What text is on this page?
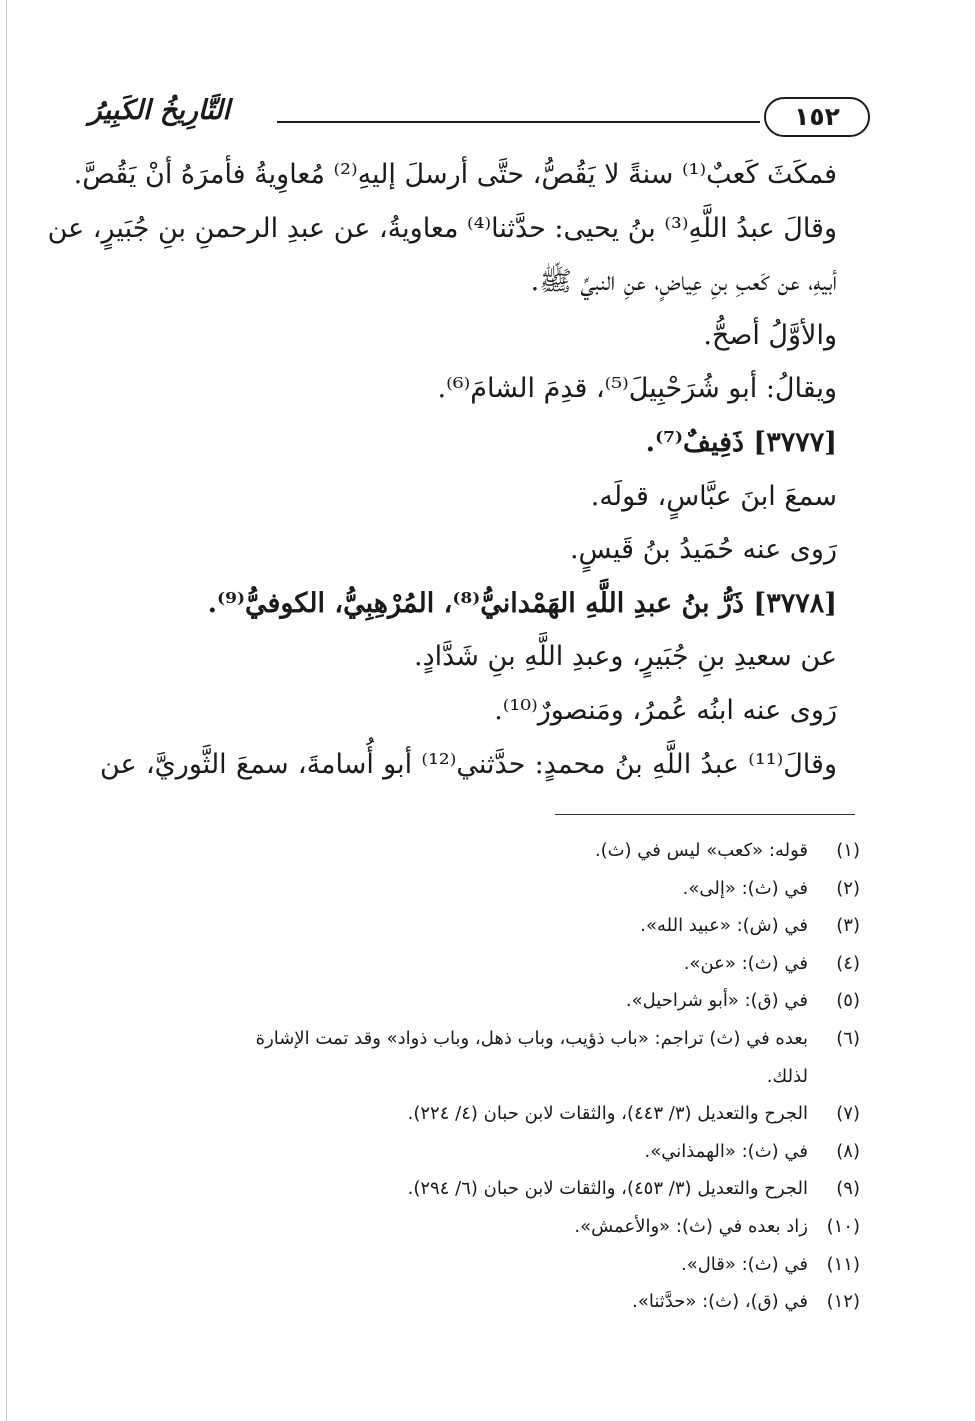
التَّارِيخُ الكَبِيرُ	١٥٢
فمكَثَ كَعبٌ⁽¹⁾ سنةً لا يَقُصُّ، حتَّى أرسلَ إليهِ⁽²⁾ مُعاوِيةُ فأمرَهُ أنْ يَقُصَّ.
وقالَ عبدُ اللَّهِ⁽³⁾ بنُ يحيى: حدَّثنا⁽⁴⁾ معاويةُ، عن عبدِ الرحمنِ بنِ جُبَيرٍ، عن
أبيهِ، عن كَعبِ بنِ عِياضٍ، عنِ النبيِّ ﷺ.
والأوَّلُ أصحُّ.
ويقالُ: أبو شُرَحْبِيلَ⁽⁵⁾، قدِمَ الشامَ⁽⁶⁾.
[٣٧٧٧] ذَفِيفٌ⁽⁷⁾.
سمعَ ابنَ عبَّاسٍ، قولَه.
رَوى عنه حُمَيدُ بنُ قَيسٍ.
[٣٧٧٨] ذَرُّ بنُ عبدِ اللَّهِ الهَمْدانيُّ⁽⁸⁾، المُرْهِبِيُّ، الكوفيُّ⁽⁹⁾.
عن سعيدِ بنِ جُبَيرٍ، وعبدِ اللَّهِ بنِ شَدَّادٍ.
رَوى عنه ابنُه عُمرُ، ومَنصورٌ⁽¹⁰⁾.
وقالَ⁽¹¹⁾ عبدُ اللَّهِ بنُ محمدٍ: حدَّثني⁽¹²⁾ أبو أُسامةَ، سمعَ الثَّوريَّ، عن
(١)قوله: «كعب» ليس في (ث).
(٢)في (ث): «إلى».
(٣)في (ش): «عبيد الله».
(٤)في (ث): «عن».
(٥)في (ق): «أبو شراحيل».
(٦)بعده في (ث) تراجم: «باب ذؤيب، وباب ذهل، وباب ذواد» وقد تمت الإشارة
لذلك.
(٧)الجرح والتعديل (٣/ ٤٤٣)، والثقات لابن حبان (٤/ ٢٢٤).
(٨)في (ث): «الهمذاني».
(٩)الجرح والتعديل (٣/ ٤٥٣)، والثقات لابن حبان (٦/ ٢٩٤).
(١٠)زاد بعده في (ث): «والأعمش».
(١١)في (ث): «قال».
(١٢)في (ق)، (ث): «حدَّثنا».
